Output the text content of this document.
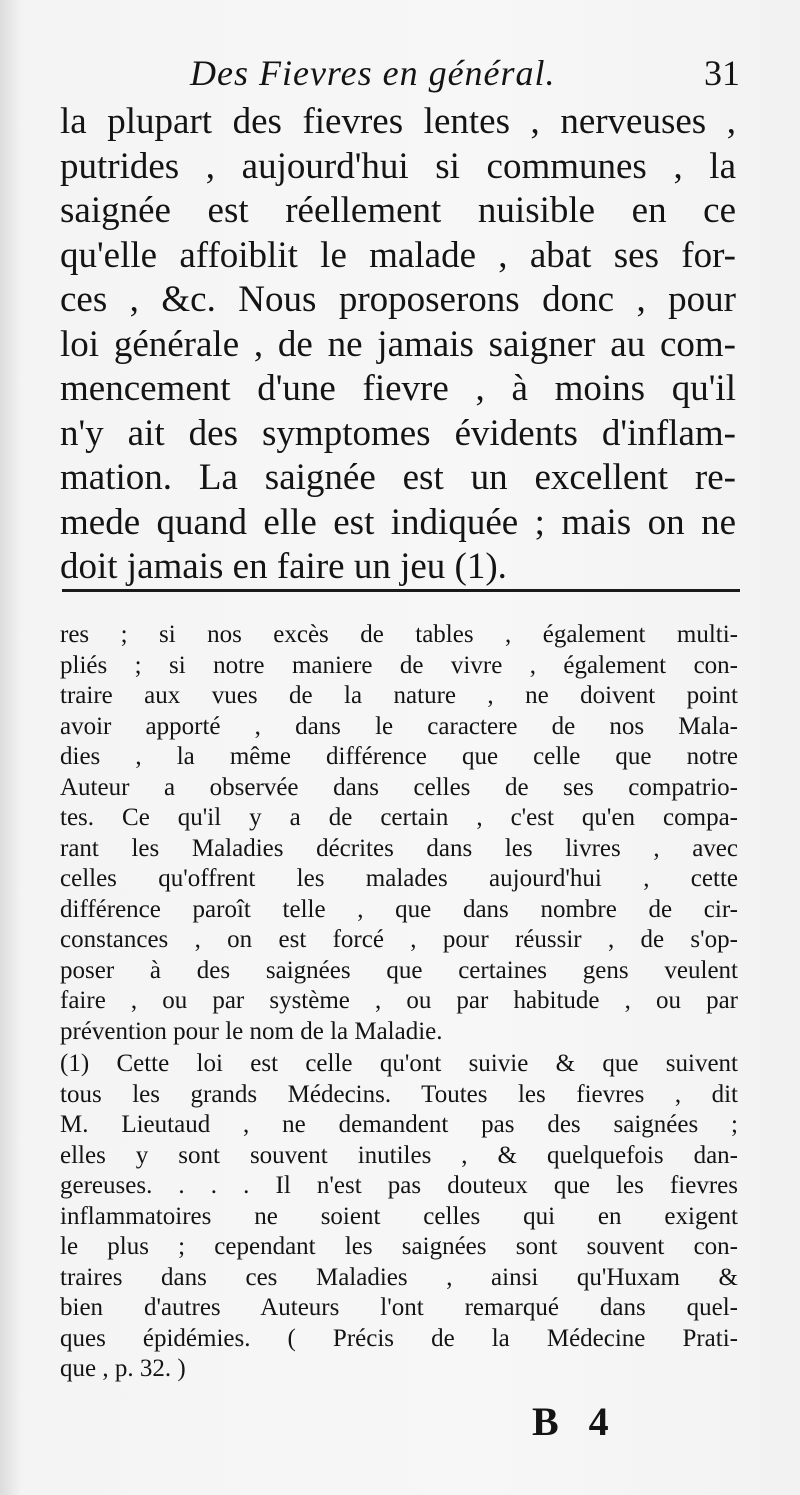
Des Fievres en général.	31
la plupart des fievres lentes , nerveuses ,
putrides , aujourd'hui si communes , la
saignée est réellement nuisible en ce
qu'elle affoiblit le malade , abat ses for-
ces , &c. Nous proposerons donc , pour
loi générale , de ne jamais saigner au com-
mencement d'une fievre , à moins qu'il
n'y ait des symptomes évidents d'inflam-
mation. La saignée est un excellent re-
mede quand elle est indiquée ; mais on ne
doit jamais en faire un jeu (1).
res ; si nos excès de tables , également multi-
pliés ; si notre maniere de vivre , également con-
traire aux vues de la nature , ne doivent point
avoir apporté , dans le caractere de nos Mala-
dies , la même différence que celle que notre
Auteur a observée dans celles de ses compatrio-
tes. Ce qu'il y a de certain , c'est qu'en compa-
rant les Maladies décrites dans les livres , avec
celles qu'offrent les malades aujourd'hui , cette
différence paroît telle , que dans nombre de cir-
constances , on est forcé , pour réussir , de s'op-
poser à des saignées que certaines gens veulent
faire , ou par système , ou par habitude , ou par
prévention pour le nom de la Maladie.
(1) Cette loi est celle qu'ont suivie & que suivent
tous les grands Médecins. Toutes les fievres , dit
M. Lieutaud , ne demandent pas des saignées ;
elles y sont souvent inutiles , & quelquefois dan-
gereuses. . . . Il n'est pas douteux que les fievres
inflammatoires ne soient celles qui en exigent
le plus ; cependant les saignées sont souvent con-
traires dans ces Maladies , ainsi qu'Huxam &
bien d'autres Auteurs l'ont remarqué dans quel-
ques épidémies. ( Précis de la Médecine Prati-
que , p. 32. )
B 4
